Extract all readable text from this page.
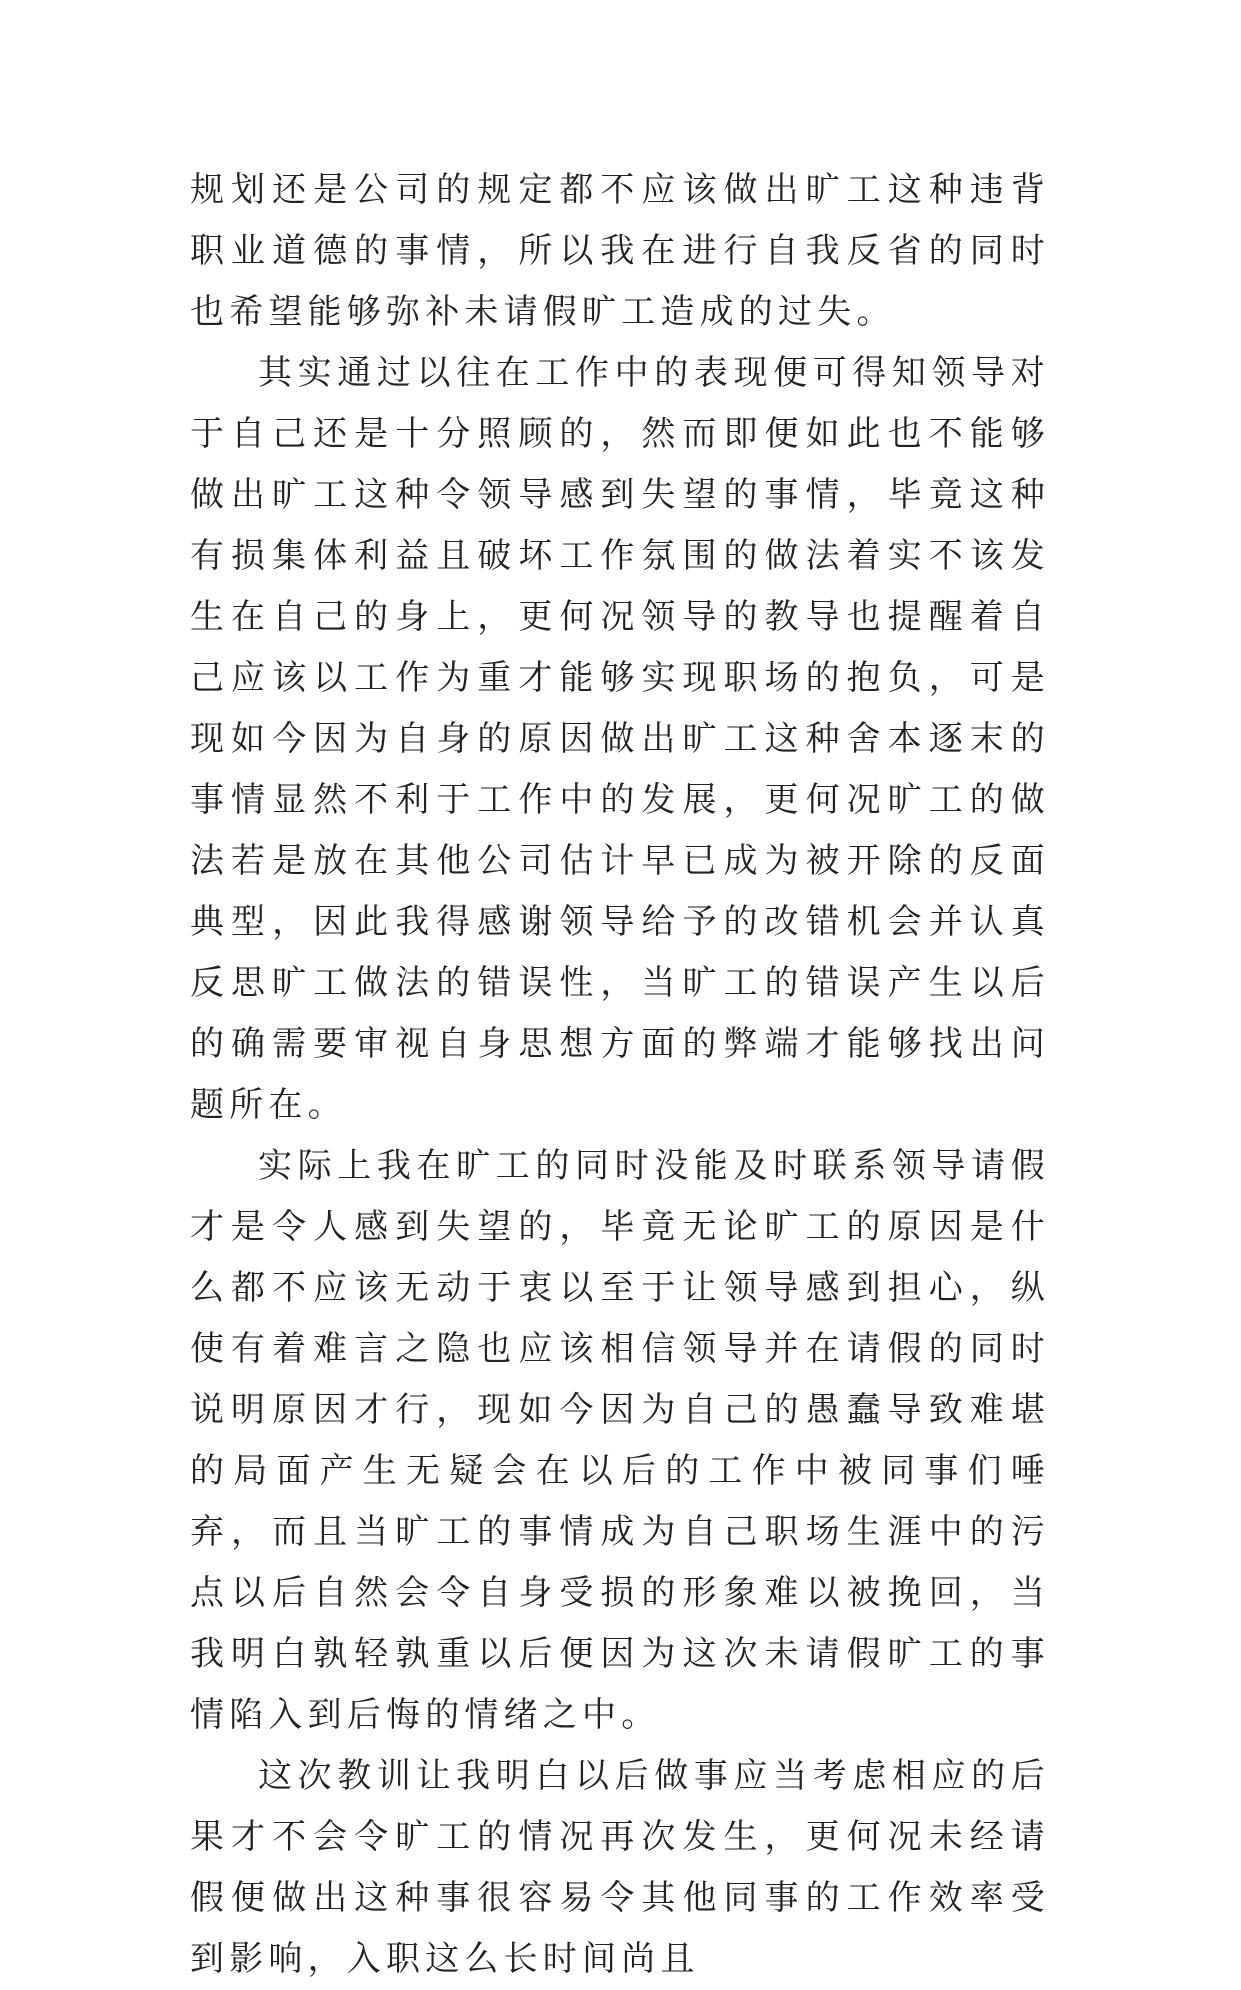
规划还是公司的规定都不应该做出旷工这种违背职业道德的事情，所以我在进行自我反省的同时也希望能够弥补未请假旷工造成的过失。

其实通过以往在工作中的表现便可得知领导对于自己还是十分照顾的，然而即便如此也不能够做出旷工这种令领导感到失望的事情，毕竟这种有损集体利益且破坏工作氛围的做法着实不该发生在自己的身上，更何况领导的教导也提醒着自己应该以工作为重才能够实现职场的抱负，可是现如今因为自身的原因做出旷工这种舍本逐末的事情显然不利于工作中的发展，更何况旷工的做法若是放在其他公司估计早已成为被开除的反面典型，因此我得感谢领导给予的改错机会并认真反思旷工做法的错误性，当旷工的错误产生以后的确需要审视自身思想方面的弊端才能够找出问题所在。

实际上我在旷工的同时没能及时联系领导请假才是令人感到失望的，毕竟无论旷工的原因是什么都不应该无动于衷以至于让领导感到担心，纵使有着难言之隐也应该相信领导并在请假的同时说明原因才行，现如今因为自己的愚蠢导致难堪的局面产生无疑会在以后的工作中被同事们唾弃，而且当旷工的事情成为自己职场生涯中的污点以后自然会令自身受损的形象难以被挽回，当我明白孰轻孰重以后便因为这次未请假旷工的事情陷入到后悔的情绪之中。

这次教训让我明白以后做事应当考虑相应的后果才不会令旷工的情况再次发生，更何况未经请假便做出这种事很容易令其他同事的工作效率受到影响，入职这么长时间尚且
